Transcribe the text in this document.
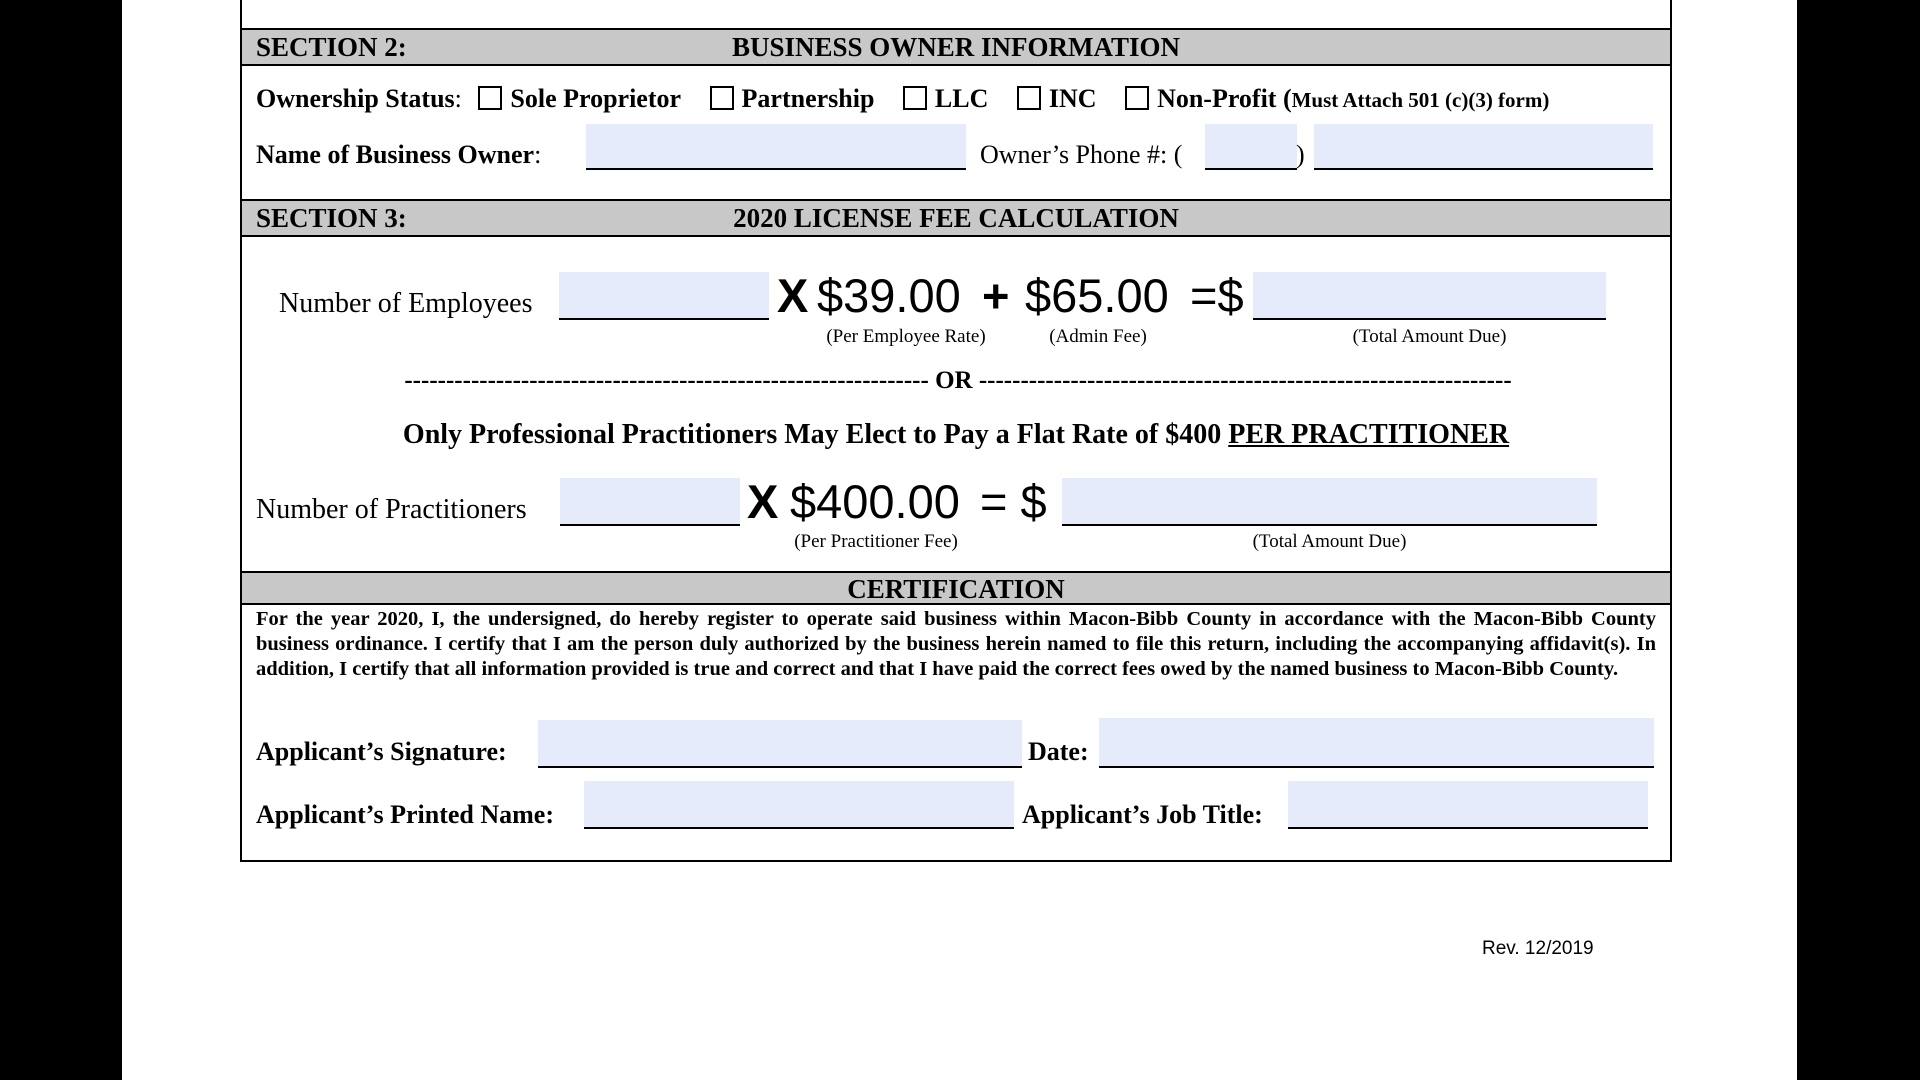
SECTION 2:	BUSINESS OWNER INFORMATION
Ownership Status: Sole Proprietor Partnership LLC INC Non-Profit (Must Attach 501 (c)(3) form)
Name of Business Owner:	Owner’s Phone #: (	)
SECTION 3:	2020 LICENSE FEE CALCULATION
Number of Employees	X $39.00 + $65.00 =$
(Per Employee Rate)	(Admin Fee)	(Total Amount Due)
--------------------------------------------------------------- OR ----------------------------------------------------------------
Only Professional Practitioners May Elect to Pay a Flat Rate of $400 PER PRACTITIONER
Number of Practitioners	X $400.00 = $
(Per Practitioner Fee)	(Total Amount Due)
CERTIFICATION
For the year 2020, I, the undersigned, do hereby register to operate said business within Macon-Bibb County in accordance with the Macon-Bibb County business ordinance. I certify that I am the person duly authorized by the business herein named to file this return, including the accompanying affidavit(s). In addition, I certify that all information provided is true and correct and that I have paid the correct fees owed by the named business to Macon-Bibb County.
Applicant’s Signature:	Date:
Applicant’s Printed Name:	Applicant’s Job Title:
Rev. 12/2019
